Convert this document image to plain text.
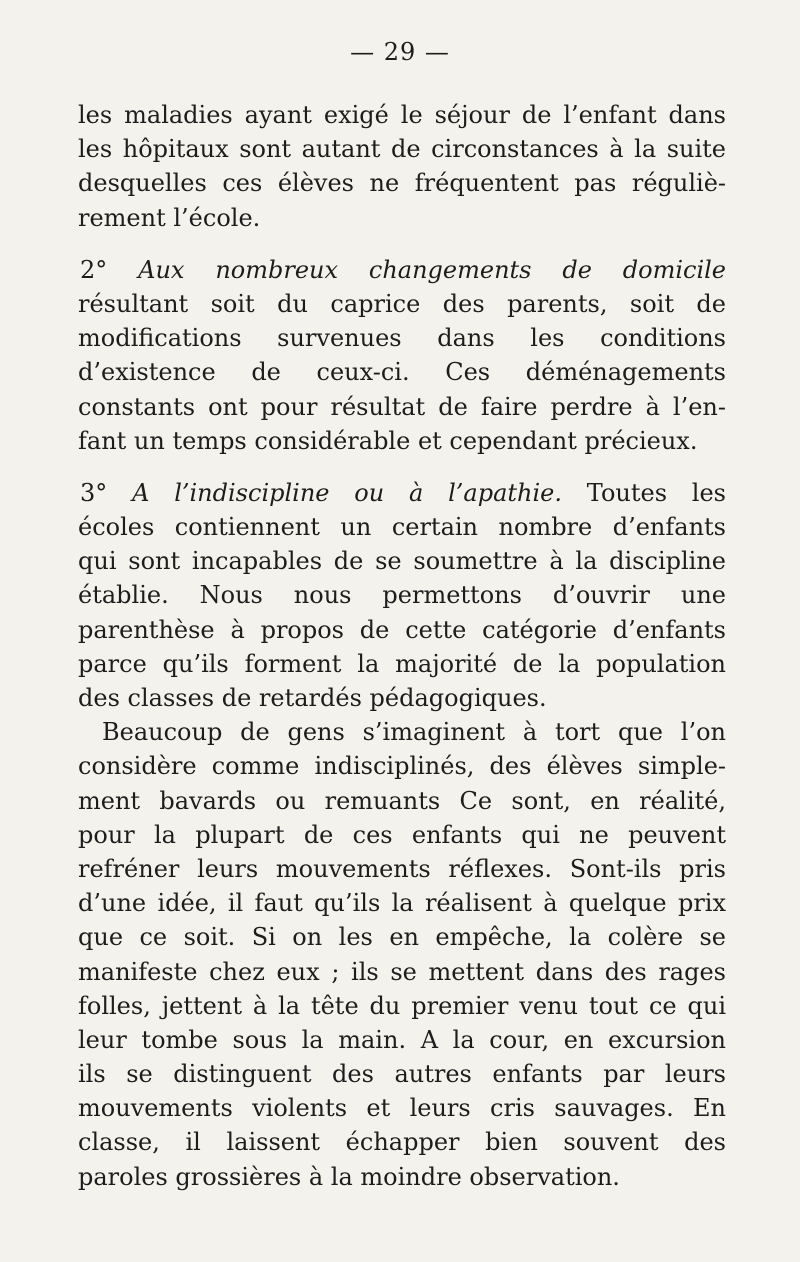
— 29 —
les maladies ayant exigé le séjour de l’enfant dans
les hôpitaux sont autant de circonstances à la suite
desquelles ces élèves ne fréquentent pas réguliè-
rement l’école.
2° Aux nombreux changements de domicile
résultant soit du caprice des parents, soit de
modifications survenues dans les conditions
d’existence de ceux-ci. Ces déménagements
constants ont pour résultat de faire perdre à l’en-
fant un temps considérable et cependant précieux.
3° A l’indiscipline ou à l’apathie. Toutes les
écoles contiennent un certain nombre d’enfants
qui sont incapables de se soumettre à la discipline
établie. Nous nous permettons d’ouvrir une
parenthèse à propos de cette catégorie d’enfants
parce qu’ils forment la majorité de la population
des classes de retardés pédagogiques.
Beaucoup de gens s’imaginent à tort que l’on
considère comme indisciplinés, des élèves simple-
ment bavards ou remuants Ce sont, en réalité,
pour la plupart de ces enfants qui ne peuvent
refréner leurs mouvements réflexes. Sont-ils pris
d’une idée, il faut qu’ils la réalisent à quelque prix
que ce soit. Si on les en empêche, la colère se
manifeste chez eux ; ils se mettent dans des rages
folles, jettent à la tête du premier venu tout ce qui
leur tombe sous la main. A la cour, en excursion
ils se distinguent des autres enfants par leurs
mouvements violents et leurs cris sauvages. En
classe, il laissent échapper bien souvent des
paroles grossières à la moindre observation.
